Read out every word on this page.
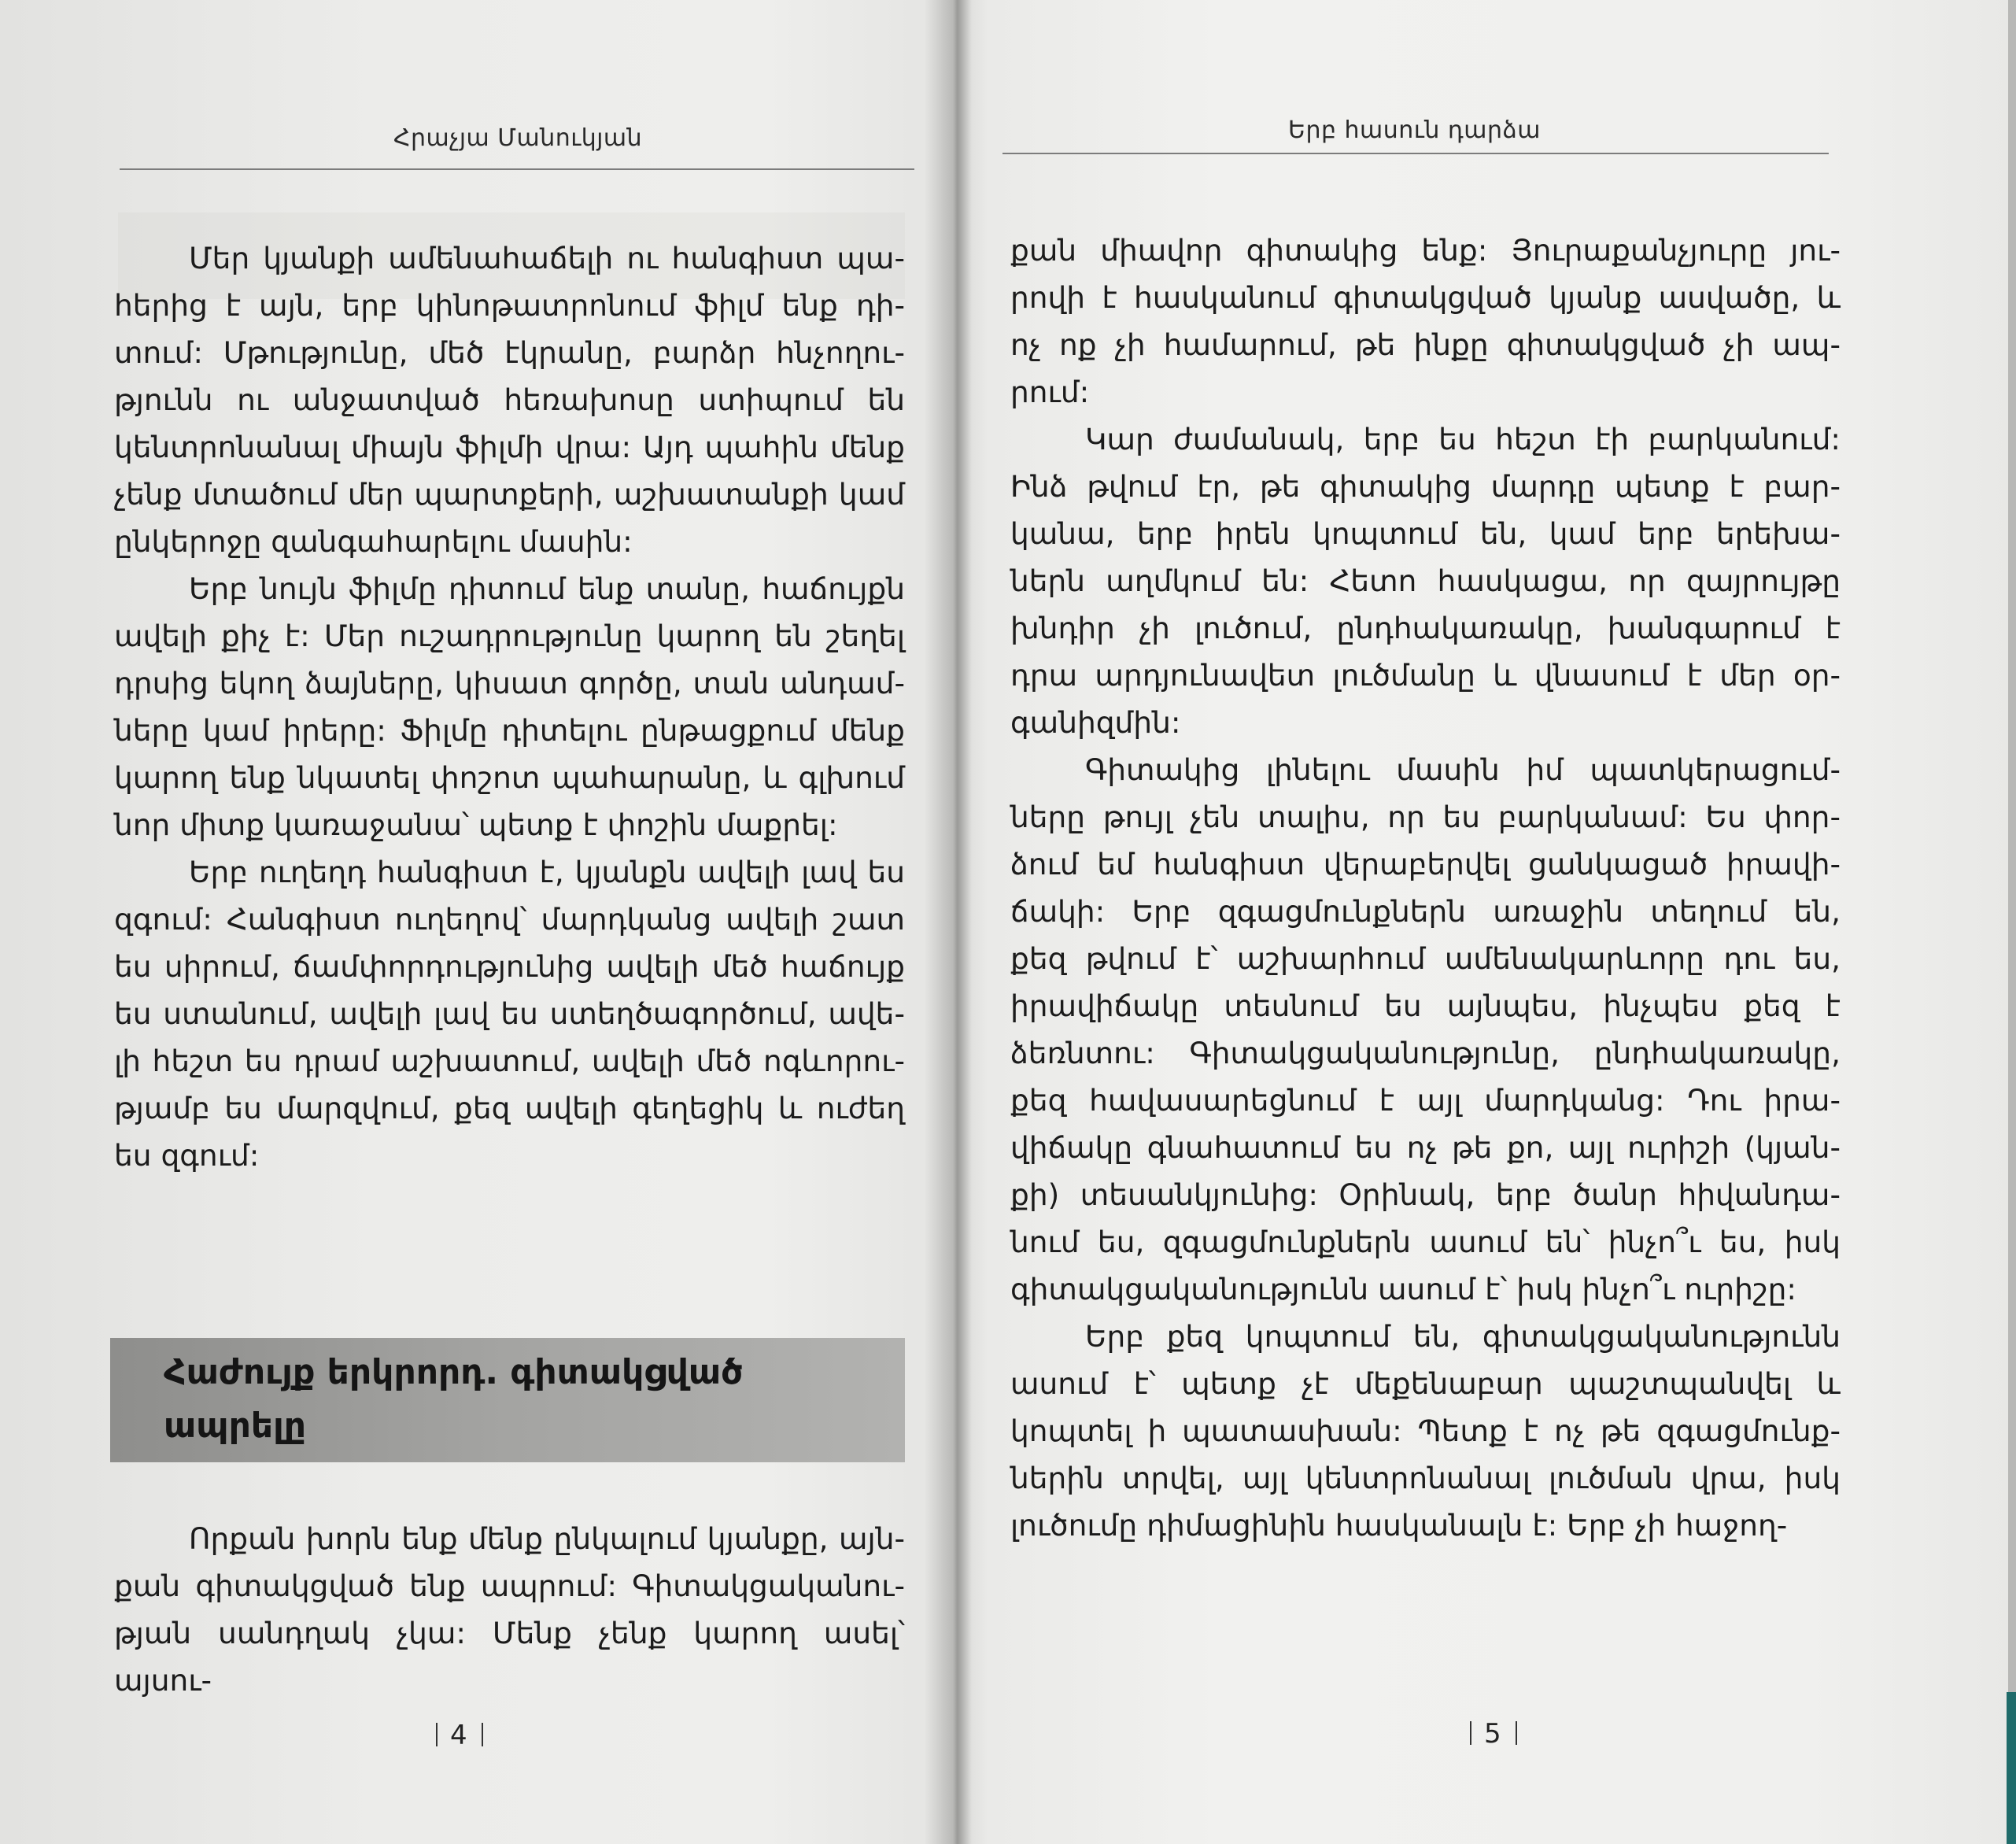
Հրաչյա Մանուկյան

Մեր կյանքի ամենահաճելի ու հանգիստ պա-
հերից է այն, երբ կինոթատրոնում ֆիլմ ենք դի-
տում: Մթությունը, մեծ էկրանը, բարձր հնչողու-
թյունն ու անջատված հեռախոսը ստիպում են
կենտրոնանալ միայն ֆիլմի վրա: Այդ պահին մենք
չենք մտածում մեր պարտքերի, աշխատանքի կամ
ընկերոջը զանգահարելու մասին:

Երբ նույն ֆիլմը դիտում ենք տանը, հաճույքն
ավելի քիչ է: Մեր ուշադրությունը կարող են շեղել
դրսից եկող ձայները, կիսատ գործը, տան անդամ-
ները կամ իրերը: Ֆիլմը դիտելու ընթացքում մենք
կարող ենք նկատել փոշոտ պահարանը, և գլխում
նոր միտք կառաջանա՝ պետք է փոշին մաքրել:

Երբ ուղեղդ հանգիստ է, կյանքն ավելի լավ ես
զգում: Հանգիստ ուղեղով՝ մարդկանց ավելի շատ
ես սիրում, ճամփորդությունից ավելի մեծ հաճույք
ես ստանում, ավելի լավ ես ստեղծագործում, ավե-
լի հեշտ ես դրամ աշխատում, ավելի մեծ ոգևորու-
թյամբ ես մարզվում, քեզ ավելի գեղեցիկ և ուժեղ
ես զգում:

Հաժույք երկրորդ. գիտակցված
ապրելը

Որքան խորն ենք մենք ընկալում կյանքը, այն-
քան գիտակցված ենք ապրում: Գիտակցականու-
թյան սանդղակ չկա: Մենք չենք կարող ասել՝ այսու-

4
Երբ հասուն դարձա

քան միավոր գիտակից ենք: Յուրաքանչյուրը յու-
րովի է հասկանում գիտակցված կյանք ասվածը, և
ոչ ոք չի համարում, թե ինքը գիտակցված չի ապ-
րում:

Կար ժամանակ, երբ ես հեշտ էի բարկանում:
Ինձ թվում էր, թե գիտակից մարդը պետք է բար-
կանա, երբ իրեն կոպտում են, կամ երբ երեխա-
ներն աղմկում են: Հետո հասկացա, որ զայրույթը
խնդիր չի լուծում, ընդհակառակը, խանգարում է
դրա արդյունավետ լուծմանը և վնասում է մեր օր-
գանիզմին:

Գիտակից լինելու մասին իմ պատկերացում-
ները թույլ չեն տալիս, որ ես բարկանամ: Ես փոր-
ձում եմ հանգիստ վերաբերվել ցանկացած իրավի-
ճակի: Երբ զգացմունքներն առաջին տեղում են,
քեզ թվում է՝ աշխարհում ամենակարևորը դու ես,
իրավիճակը տեսնում ես այնպես, ինչպես քեզ է
ձեռնտու: Գիտակցականությունը, ընդհակառակը,
քեզ հավասարեցնում է այլ մարդկանց: Դու իրա-
վիճակը գնահատում ես ոչ թե քո, այլ ուրիշի (կյան-
քի) տեսանկյունից: Օրինակ, երբ ծանր հիվանդա-
նում ես, զգացմունքներն ասում են՝ ինչո՞ւ ես, իսկ
գիտակցականությունն ասում է՝ իսկ ինչո՞ւ ուրիշը:

Երբ քեզ կոպտում են, գիտակցականությունն
ասում է՝ պետք չէ մեքենաբար պաշտպանվել և
կոպտել ի պատասխան: Պետք է ոչ թե զգացմունք-
ներին տրվել, այլ կենտրոնանալ լուծման վրա, իսկ
լուծումը դիմացինին հասկանալն է: Երբ չի հաջող-

5
